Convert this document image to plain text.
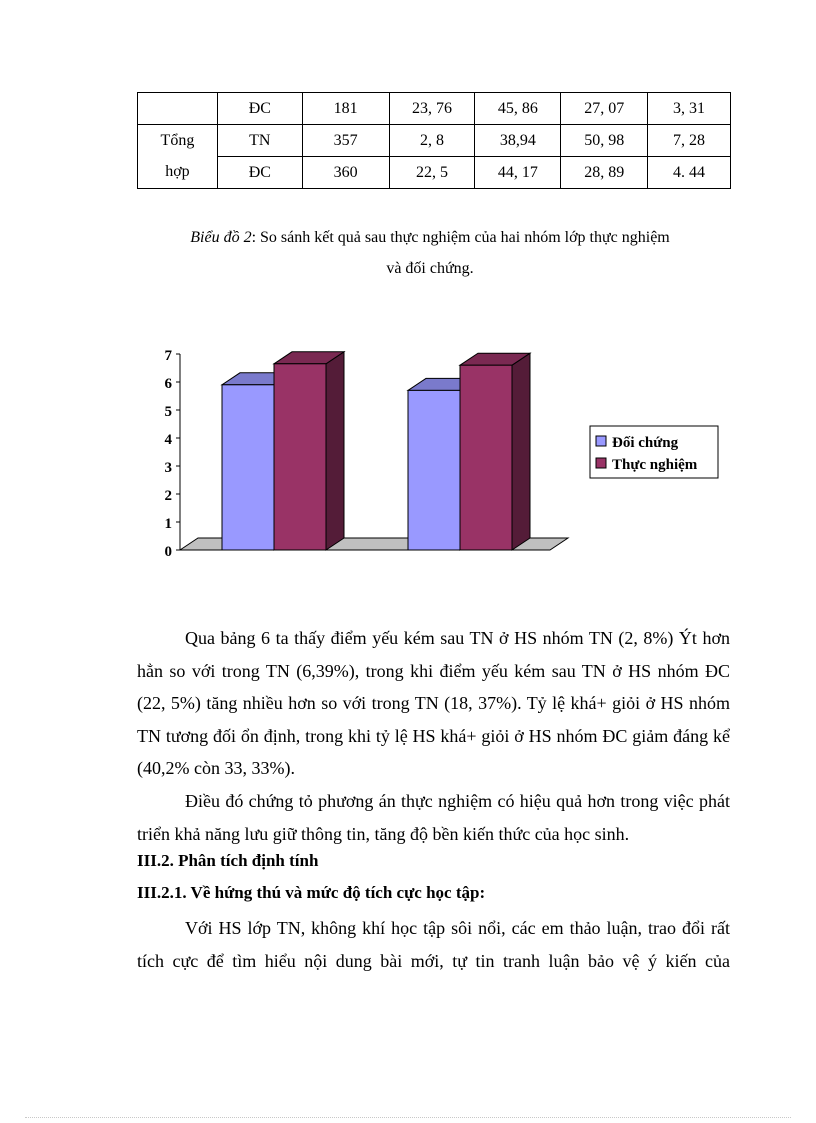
	ĐC	181	23, 76	45, 86	27, 07	3, 31
Tổng	TN	357	2, 8	38,94	50, 98	7, 28
hợp	ĐC	360	22, 5	44, 17	28, 89	4. 44
Biểu đồ 2: So sánh kết quả sau thực nghiệm của hai nhóm lớp thực nghiệm
và đối chứng.
0
1
2
3
4
5
6
7
Đối chứng
Thực nghiệm

Qua bảng 6 ta thấy điểm yếu kém sau TN ở HS nhóm TN (2, 8%) Ýt hơn hẳn so với trong TN (6,39%), trong khi điểm yếu kém sau TN ở HS nhóm ĐC (22, 5%) tăng nhiều hơn so với trong TN (18, 37%). Tỷ lệ khá+ giỏi ở HS nhóm TN tương đối ổn định, trong khi tỷ lệ HS khá+ giỏi ở HS nhóm ĐC giảm đáng kể (40,2% còn 33, 33%).

Điều đó chứng tỏ phương án thực nghiệm có hiệu quả hơn trong việc phát triển khả năng lưu giữ thông tin, tăng độ bền kiến thức của học sinh.

III.2. Phân tích định tính

III.2.1. Về hứng thú và mức độ tích cực học tập:

Với HS lớp TN, không khí học tập sôi nổi, các em thảo luận, trao đổi rất tích cực để tìm hiểu nội dung bài mới, tự tin tranh luận bảo vệ ý kiến của
